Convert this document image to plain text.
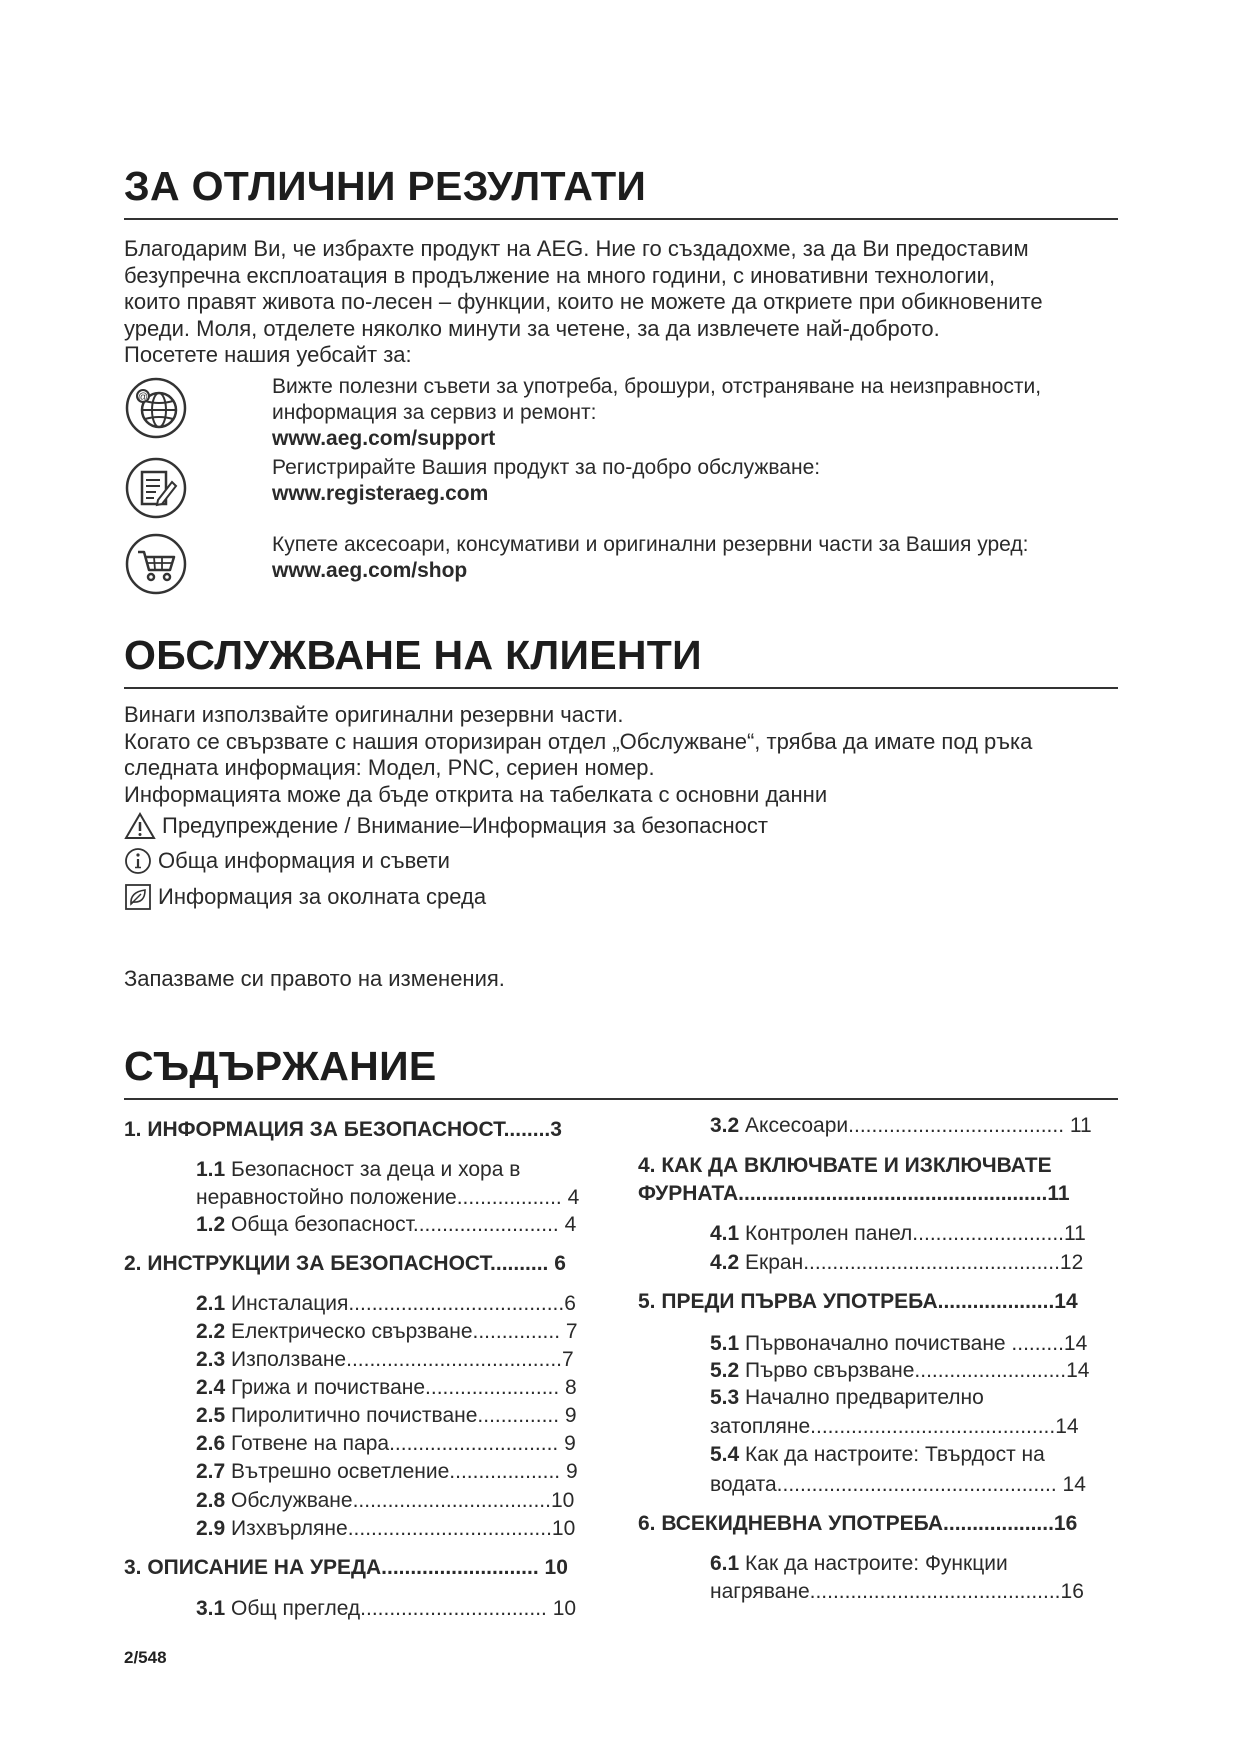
ЗА ОТЛИЧНИ РЕЗУЛТАТИ
Благодарим Ви, че избрахте продукт на AEG. Ние го създадохме, за да Ви предоставим
безупречна експлоатация в продължение на много години, с иновативни технологии,
които правят живота по-лесен – функции, които не можете да откриете при обикновените
уреди. Моля, отделете няколко минути за четене, за да извлечете най-доброто.
Посетете нашия уебсайт за:
@	Вижте полезни съвети за употреба, брошури, отстраняване на неизправности,
информация за сервиз и ремонт:
www.aeg.com/support
Регистрирайте Вашия продукт за по-добро обслужване:
www.registeraeg.com
Купете аксесоари, консумативи и оригинални резервни части за Вашия уред:
www.aeg.com/shop
ОБСЛУЖВАНЕ НА КЛИЕНТИ
Винаги използвайте оригинални резервни части.
Когато се свързвате с нашия оторизиран отдел „Обслужване“, трябва да имате под ръка
следната информация: Модел, PNC, сериен номер.
Информацията може да бъде открита на табелката с основни данни
Предупреждение / Внимание–Информация за безопасност
Обща информация и съвети
Информация за околната среда
Запазваме си правото на изменения.
СЪДЪРЖАНИЕ
1. ИНФОРМАЦИЯ ЗА БЕЗОПАСНОСТ........3
1.1 Безопасност за деца и хора в
неравностойно положение.................. 4
1.2 Обща безопасност......................... 4
2. ИНСТРУКЦИИ ЗА БЕЗОПАСНОСТ.......... 6
2.1 Инсталация.....................................6
2.2 Електрическо свързване............... 7
2.3 Използване.....................................7
2.4 Грижа и почистване....................... 8
2.5 Пиролитично почистване.............. 9
2.6 Готвене на пара............................. 9
2.7 Вътрешно осветление................... 9
2.8 Обслужване..................................10
2.9 Изхвърляне...................................10
3. ОПИСАНИЕ НА УРЕДА........................... 10
3.1 Общ преглед................................ 10
3.2 Аксесоари..................................... 11
4. КАК ДА ВКЛЮЧВАТЕ И ИЗКЛЮЧВАТЕ
ФУРНАТА.....................................................11
4.1 Контролен панел..........................11
4.2 Екран............................................12
5. ПРЕДИ ПЪРВА УПОТРЕБА....................14
5.1 Първоначално почистване .........14
5.2 Първо свързване..........................14
5.3 Начално предварително
затопляне..........................................14
5.4 Как да настроите: Твърдост на
водата................................................ 14
6. ВСЕКИДНЕВНА УПОТРЕБА...................16
6.1 Как да настроите: Функции
нагряване...........................................16
2/548
